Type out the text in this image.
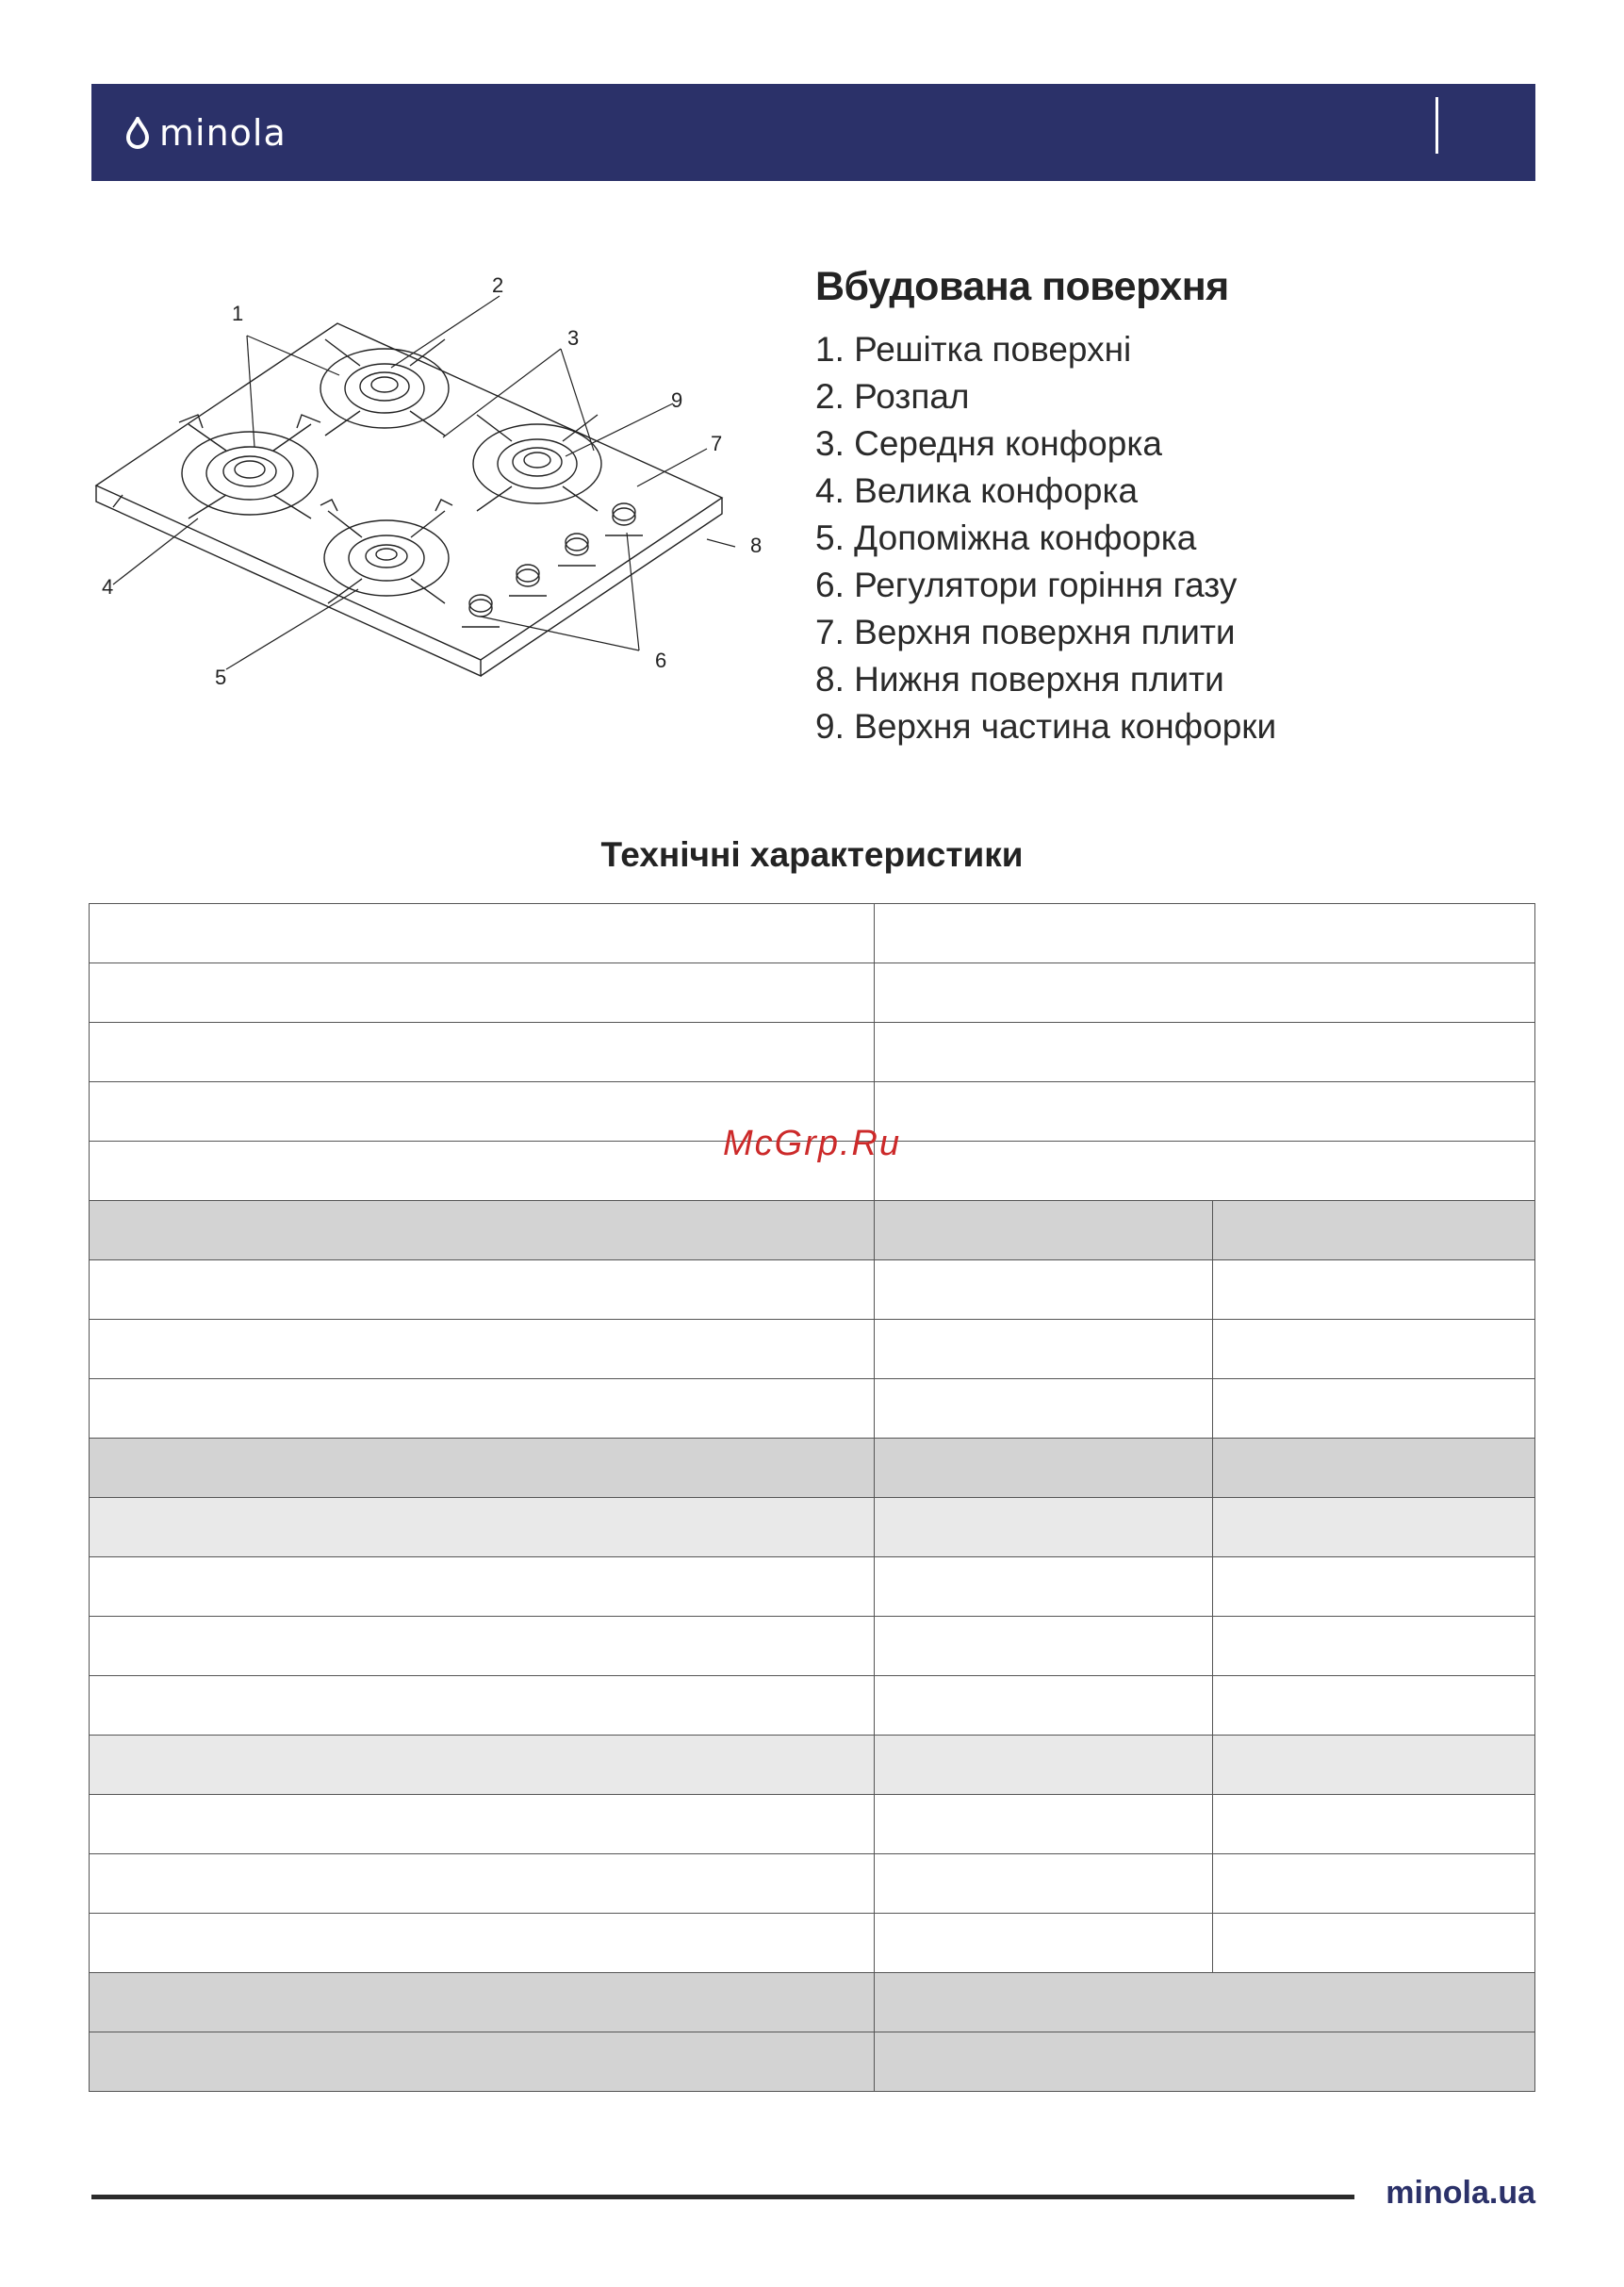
minola
1
2
3
4
5
6
7
8
9
Вбудована поверхня
1. Решітка поверхні
2. Розпал
3. Середня конфорка
4. Велика конфорка
5. Допоміжна конфорка
6. Регулятори горіння газу
7. Верхня поверхня плити
8. Нижня поверхня плити
9. Верхня частина конфорки
Технічні характеристики

McGrp.Ru
minola.ua
